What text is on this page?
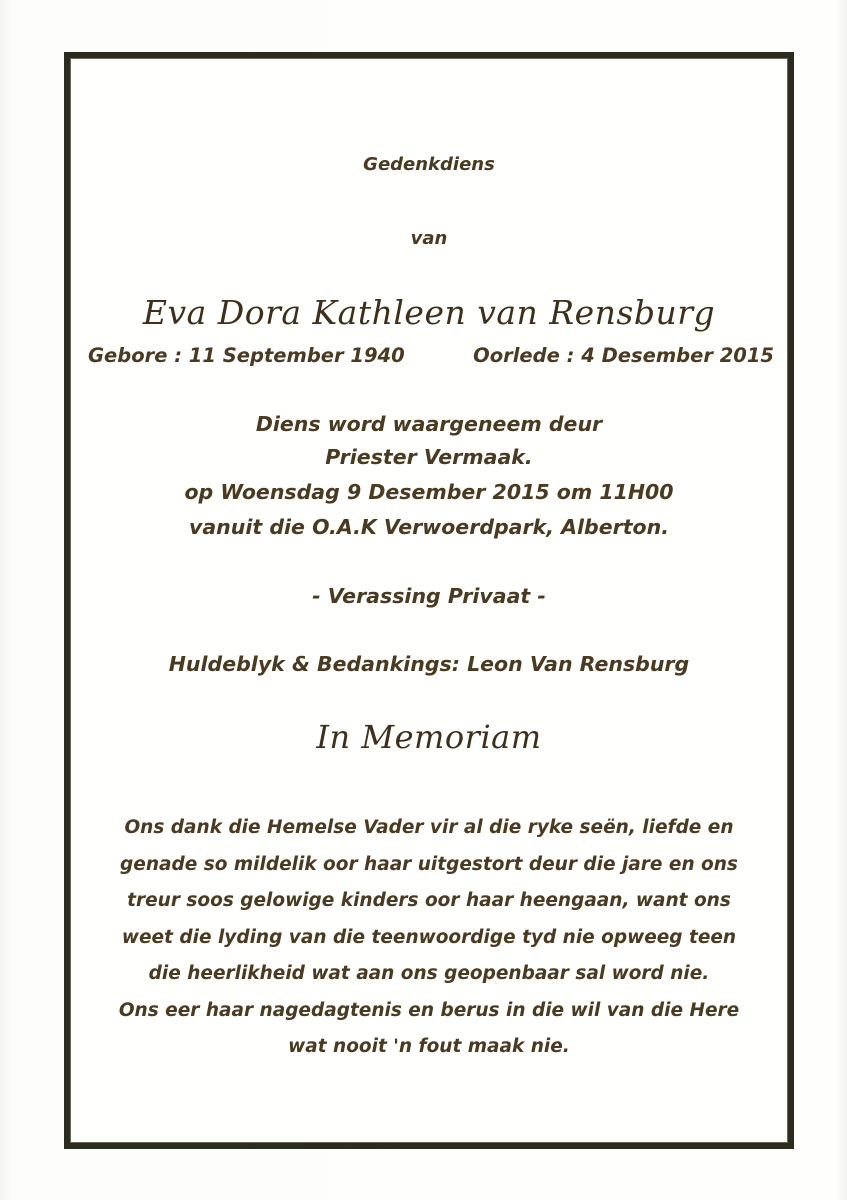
Gedenkdiens
van
Eva Dora Kathleen van Rensburg
Gebore : 11 September 1940	Oorlede : 4 Desember 2015
Diens word waargeneem deur
Priester Vermaak.
op Woensdag 9 Desember 2015 om 11H00
vanuit die O.A.K Verwoerdpark, Alberton.
- Verassing Privaat -
Huldeblyk & Bedankings: Leon Van Rensburg
In Memoriam
Ons dank die Hemelse Vader vir al die ryke seën, liefde en
genade so mildelik oor haar uitgestort deur die jare en ons
treur soos gelowige kinders oor haar heengaan, want ons
weet die lyding van die teenwoordige tyd nie opweeg teen
die heerlikheid wat aan ons geopenbaar sal word nie.
Ons eer haar nagedagtenis en berus in die wil van die Here
wat nooit 'n fout maak nie.
